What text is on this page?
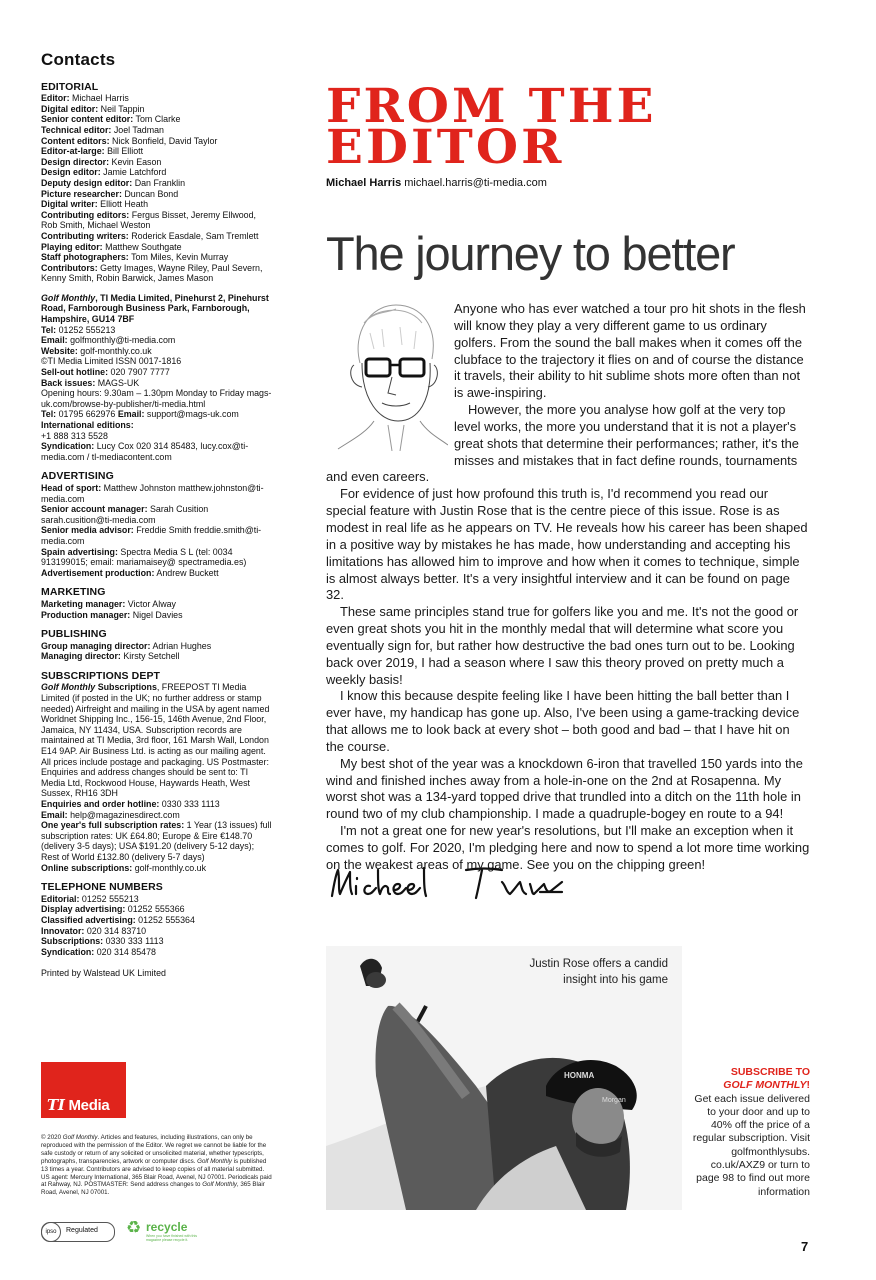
Contacts
EDITORIAL
Editor: Michael Harris
Digital editor: Neil Tappin
Senior content editor: Tom Clarke
Technical editor: Joel Tadman
Content editors: Nick Bonfield, David Taylor
Editor-at-large: Bill Elliott
Design director: Kevin Eason
Design editor: Jamie Latchford
Deputy design editor: Dan Franklin
Picture researcher: Duncan Bond
Digital writer: Elliott Heath
Contributing editors: Fergus Bisset, Jeremy Ellwood, Rob Smith, Michael Weston
Contributing writers: Roderick Easdale, Sam Tremlett
Playing editor: Matthew Southgate
Staff photographers: Tom Miles, Kevin Murray
Contributors: Getty Images, Wayne Riley, Paul Severn, Kenny Smith, Robin Barwick, James Mason
Golf Monthly, TI Media Limited, Pinehurst 2, Pinehurst Road, Farnborough Business Park, Farnborough, Hampshire, GU14 7BF
Tel: 01252 555213
Email: golfmonthly@ti-media.com
Website: golf-monthly.co.uk
©TI Media Limited ISSN 0017-1816
Sell-out hotline: 020 7907 7777
Back issues: MAGS-UK
Opening hours: 9.30am – 1.30pm Monday to Friday mags-uk.com/browse-by-publisher/ti-media.html
Tel: 01795 662976 Email: support@mags-uk.com
International editions:
+1 888 313 5528
Syndication: Lucy Cox 020 314 85483, lucy.cox@ti-media.com / tl-mediacontent.com
ADVERTISING
Head of sport: Matthew Johnston matthew.johnston@ti-media.com
Senior account manager: Sarah Cusition sarah.cusition@ti-media.com
Senior media advisor: Freddie Smith freddie.smith@ti-media.com
Spain advertising: Spectra Media S L (tel: 0034 913199015; email: mariamaisey@ spectramedia.es)
Advertisement production: Andrew Buckett
MARKETING
Marketing manager: Victor Alway
Production manager: Nigel Davies
PUBLISHING
Group managing director: Adrian Hughes
Managing director: Kirsty Setchell
SUBSCRIPTIONS DEPT
Golf Monthly Subscriptions, FREEPOST TI Media Limited (if posted in the UK; no further address or stamp needed) Airfreight and mailing in the USA by agent named Worldnet Shipping Inc., 156-15, 146th Avenue, 2nd Floor, Jamaica, NY 11434, USA. Subscription records are maintained at TI Media, 3rd floor, 161 Marsh Wall, London E14 9AP. Air Business Ltd. is acting as our mailing agent. All prices include postage and packaging. US Postmaster: Enquiries and address changes should be sent to: TI Media Ltd, Rockwood House, Haywards Heath, West Sussex, RH16 3DH
Enquiries and order hotline: 0330 333 1113
Email: help@magazinesdirect.com
One year's full subscription rates: 1 Year (13 issues) full subscription rates: UK £64.80; Europe & Eire €148.70 (delivery 3-5 days); USA $191.20 (delivery 5-12 days); Rest of World £132.80 (delivery 5-7 days)
Online subscriptions: golf-monthly.co.uk
TELEPHONE NUMBERS
Editorial: 01252 555213
Display advertising: 01252 555366
Classified advertising: 01252 555364
Innovator: 020 314 83710
Subscriptions: 0330 333 1113
Syndication: 020 314 85478
Printed by Walstead UK Limited
TI Media
© 2020 Golf Monthly. Articles and features, including illustrations, can only be reproduced with the permission of the Editor. We regret we cannot be liable for the safe custody or return of any solicited or unsolicited material, whether typescripts, photographs, transparencies, artwork or computer discs. Golf Monthly is published 13 times a year. Contributors are advised to keep copies of all material submitted. US agent: Mercury International, 365 Blair Road, Avenel, NJ 07001. Periodicals paid at Rahway, NJ. POSTMASTER: Send address changes to Golf Monthly, 365 Blair Road, Avenel, NJ 07001.
ipso	Regulated ♻ recycle
When you have finished with this magazine please recycle it.
FROM THE
EDITOR
Michael Harris michael.harris@ti-media.com
The journey to better

Anyone who has ever watched a tour pro hit shots in the flesh will know they play a very different game to us ordinary golfers. From the sound the ball makes when it comes off the clubface to the trajectory it flies on and of course the distance it travels, their ability to hit sublime shots more often than not is awe-inspiring.

However, the more you analyse how golf at the very top level works, the more you understand that it is not a player's great shots that determine their performances; rather, it's the misses and mistakes that in fact define rounds, tournaments and even careers.

For evidence of just how profound this truth is, I'd recommend you read our special feature with Justin Rose that is the centre piece of this issue. Rose is as modest in real life as he appears on TV. He reveals how his career has been shaped in a positive way by mistakes he has made, how understanding and accepting his limitations has allowed him to improve and how when it comes to technique, simple is almost always better. It's a very insightful interview and it can be found on page 32.

These same principles stand true for golfers like you and me. It's not the good or even great shots you hit in the monthly medal that will determine what score you eventually sign for, but rather how destructive the bad ones turn out to be. Looking back over 2019, I had a season where I saw this theory proved on pretty much a weekly basis!

I know this because despite feeling like I have been hitting the ball better than I ever have, my handicap has gone up. Also, I've been using a game-tracking device that allows me to look back at every shot – both good and bad – that I have hit on the course.

My best shot of the year was a knockdown 6-iron that travelled 150 yards into the wind and finished inches away from a hole-in-one on the 2nd at Rosapenna. My worst shot was a 134-yard topped drive that trundled into a ditch on the 11th hole in round two of my club championship. I made a quadruple-bogey en route to a 94!

I'm not a great one for new year's resolutions, but I'll make an exception when it comes to golf. For 2020, I'm pledging here and now to spend a lot more time working on the weakest areas of my game. See you on the chipping green!

HONMA
Morgan
Justin Rose offers a candid insight into his game
SUBSCRIBE TO
GOLF MONTHLY!
Get each issue delivered to your door and up to 40% off the price of a regular subscription. Visit golfmonthlysubs. co.uk/AXZ9 or turn to page 98 to find out more information
7
